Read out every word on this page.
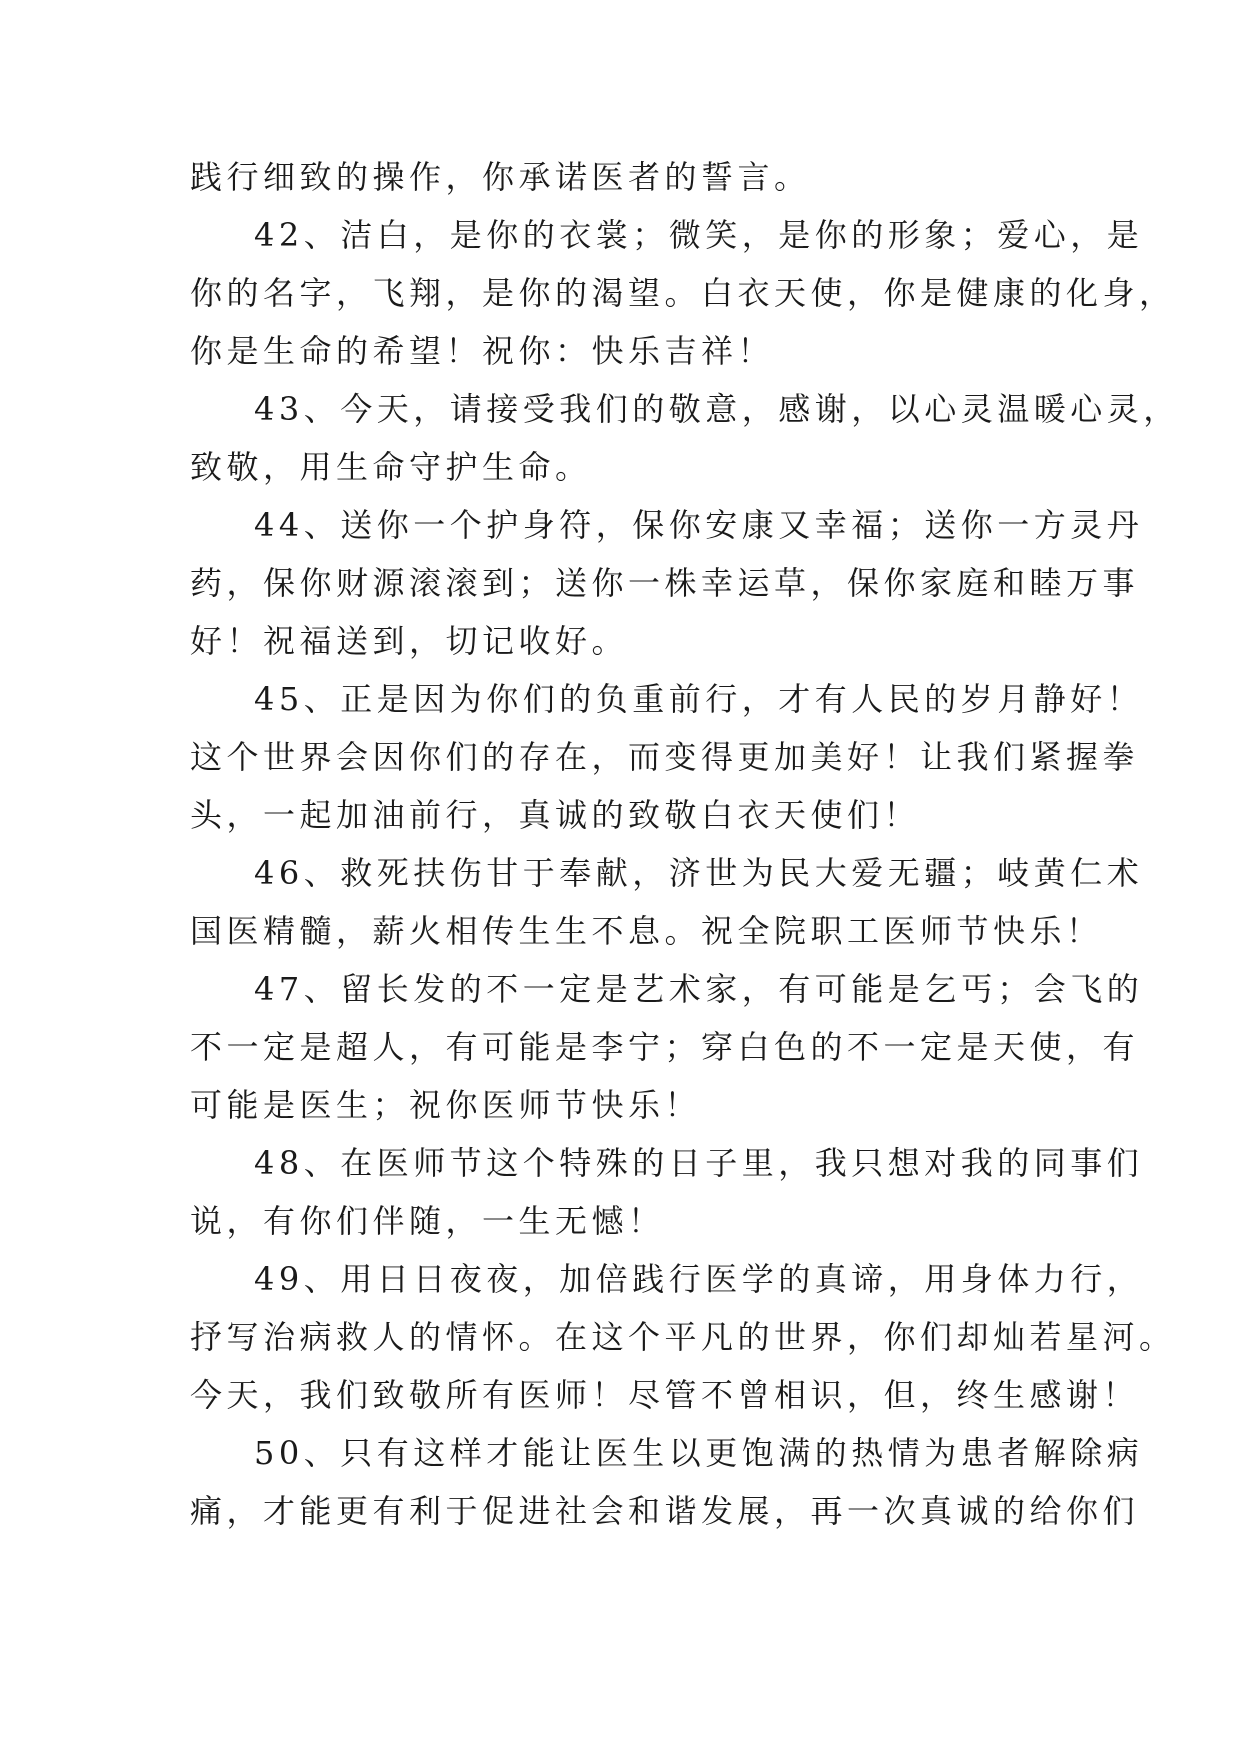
践行细致的操作，你承诺医者的誓言。
42、洁白，是你的衣裳；微笑，是你的形象；爱心，是
你的名字，飞翔，是你的渴望。白衣天使，你是健康的化身，
你是生命的希望！祝你：快乐吉祥！
43、今天，请接受我们的敬意，感谢，以心灵温暖心灵，
致敬，用生命守护生命。
44、送你一个护身符，保你安康又幸福；送你一方灵丹
药，保你财源滚滚到；送你一株幸运草，保你家庭和睦万事
好！祝福送到，切记收好。
45、正是因为你们的负重前行，才有人民的岁月静好！
这个世界会因你们的存在，而变得更加美好！让我们紧握拳
头，一起加油前行，真诚的致敬白衣天使们！
46、救死扶伤甘于奉献，济世为民大爱无疆；岐黄仁术
国医精髓，薪火相传生生不息。祝全院职工医师节快乐！
47、留长发的不一定是艺术家，有可能是乞丐；会飞的
不一定是超人，有可能是李宁；穿白色的不一定是天使，有
可能是医生；祝你医师节快乐！
48、在医师节这个特殊的日子里，我只想对我的同事们
说，有你们伴随，一生无憾！
49、用日日夜夜，加倍践行医学的真谛，用身体力行，
抒写治病救人的情怀。在这个平凡的世界，你们却灿若星河。
今天，我们致敬所有医师！尽管不曾相识，但，终生感谢！
50、只有这样才能让医生以更饱满的热情为患者解除病
痛，才能更有利于促进社会和谐发展，再一次真诚的给你们
